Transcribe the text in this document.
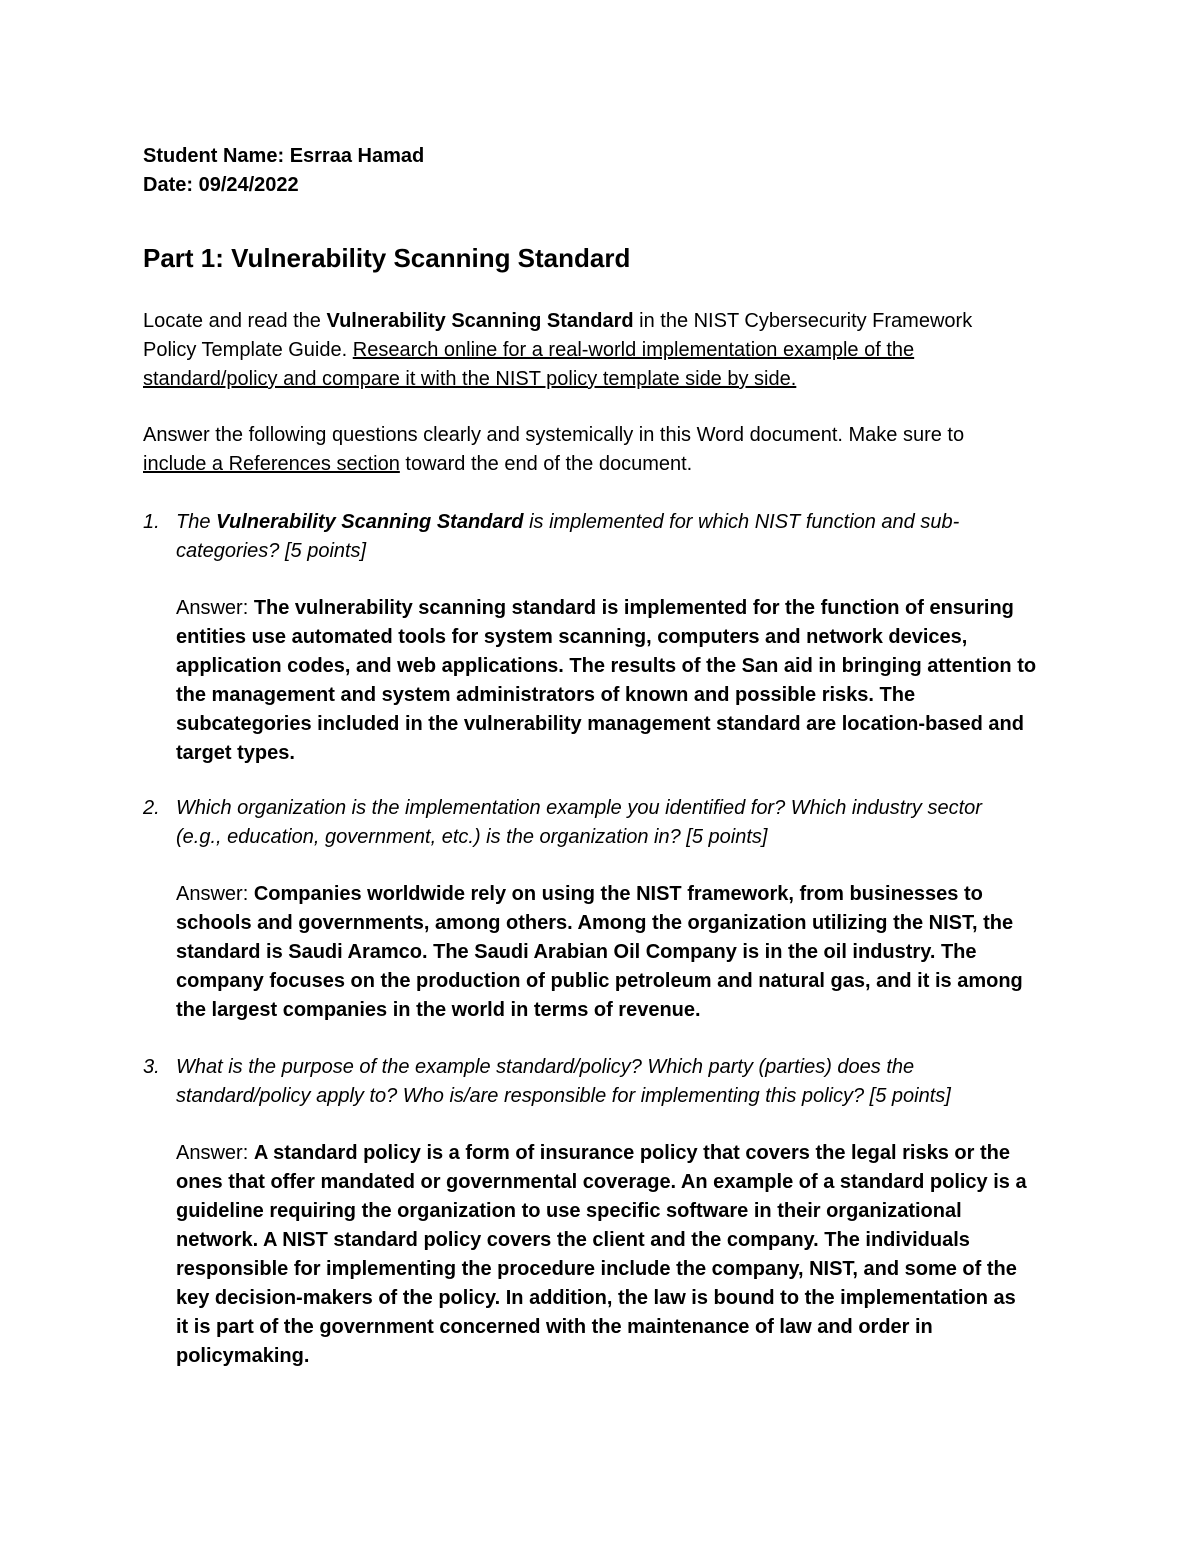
Student Name: Esrraa Hamad
Date: 09/24/2022
Part 1: Vulnerability Scanning Standard
Locate and read the Vulnerability Scanning Standard in the NIST Cybersecurity Framework
Policy Template Guide. Research online for a real-world implementation example of the
standard/policy and compare it with the NIST policy template side by side.
Answer the following questions clearly and systemically in this Word document. Make sure to
include a References section toward the end of the document.
1. The Vulnerability Scanning Standard is implemented for which NIST function and sub-
categories? [5 points]
Answer: The vulnerability scanning standard is implemented for the function of ensuring
entities use automated tools for system scanning, computers and network devices,
application codes, and web applications. The results of the San aid in bringing attention to
the management and system administrators of known and possible risks. The
subcategories included in the vulnerability management standard are location-based and
target types.
2. Which organization is the implementation example you identified for? Which industry sector
(e.g., education, government, etc.) is the organization in? [5 points]
Answer: Companies worldwide rely on using the NIST framework, from businesses to
schools and governments, among others. Among the organization utilizing the NIST, the
standard is Saudi Aramco. The Saudi Arabian Oil Company is in the oil industry. The
company focuses on the production of public petroleum and natural gas, and it is among
the largest companies in the world in terms of revenue.
3. What is the purpose of the example standard/policy? Which party (parties) does the
standard/policy apply to? Who is/are responsible for implementing this policy? [5 points]
Answer: A standard policy is a form of insurance policy that covers the legal risks or the
ones that offer mandated or governmental coverage. An example of a standard policy is a
guideline requiring the organization to use specific software in their organizational
network. A NIST standard policy covers the client and the company. The individuals
responsible for implementing the procedure include the company, NIST, and some of the
key decision-makers of the policy. In addition, the law is bound to the implementation as
it is part of the government concerned with the maintenance of law and order in
policymaking.
